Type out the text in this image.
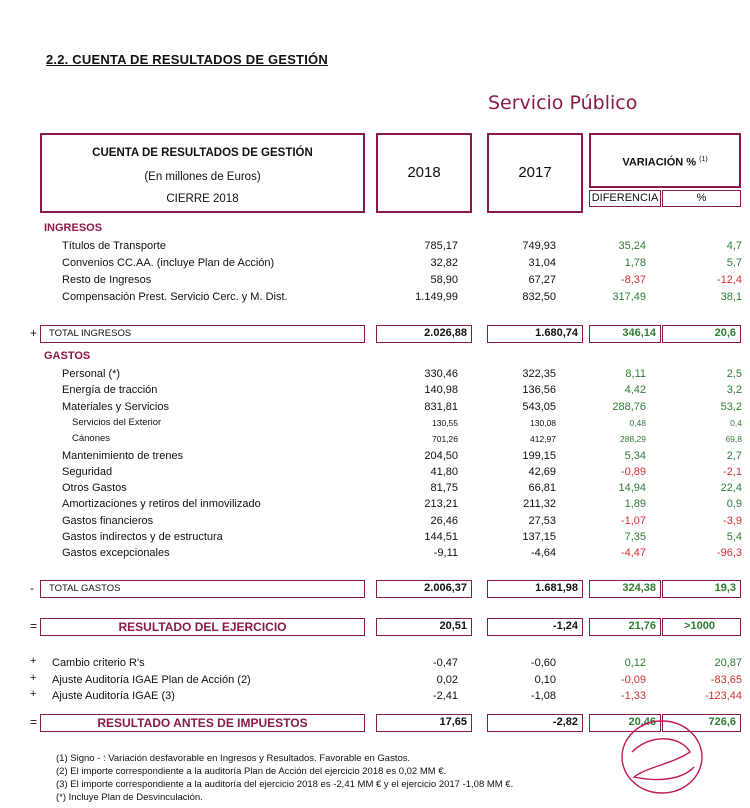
2.2. CUENTA DE RESULTADOS DE GESTIÓN
Servicio Público
CUENTA DE RESULTADOS DE GESTIÓN
(En millones de Euros)
CIERRE 2018
2018	2017
VARIACIÓN % $^{(1)}$
DIFERENCIA	%
INGRESOS
Títulos de Transporte	785,17	749,93	35,24	4,7
Convenios CC.AA. (incluye Plan de Acción)	32,82	31,04	1,78	5,7
Resto de Ingresos	58,90	67,27	-8,37	-12,4
Compensación Prest. Servicio Cerc. y M. Dist.	1.149,99	832,50	317,49	38,1
+	TOTAL INGRESOS	2.026,88	1.680,74	346,14	20,6
GASTOS
Personal (*)	330,46	322,35	8,11	2,5
Energía de tracción	140,98	136,56	4,42	3,2
Materiales y Servicios	831,81	543,05	288,76	53,2
Servicios del Exterior	130,55	130,08	0,48	0,4
Cánones	701,26	412,97	288,29	69,8
Mantenimiento de trenes	204,50	199,15	5,34	2,7
Seguridad	41,80	42,69	-0,89	-2,1
Otros Gastos	81,75	66,81	14,94	22,4
Amortizaciones y retiros del inmovilizado	213,21	211,32	1,89	0,9
Gastos financieros	26,46	27,53	-1,07	-3,9
Gastos indirectos y de estructura	144,51	137,15	7,35	5,4
Gastos excepcionales	-9,11	-4,64	-4,47	-96,3
-	TOTAL GASTOS	2.006,37	1.681,98	324,38	19,3
=	RESULTADO DEL EJERCICIO	20,51	-1,24	21,76	>1000
+ Cambio criterio R's	-0,47	-0,60	0,12	20,87
+ Ajuste Auditoría IGAE Plan de Acción (2)	0,02	0,10	-0,09	-83,65
+ Ajuste Auditoría IGAE (3)	-2,41	-1,08	-1,33	-123,44
=	RESULTADO ANTES DE IMPUESTOS	17,65	-2,82	20,46	726,6
(1) Signo - : Variación desfavorable en Ingresos y Resultados. Favorable en Gastos.
(2) El importe correspondiente a la auditoría Plan de Acción del ejercicio 2018 es 0,02 MM €.
(3) El importe correspondiente a la auditoría del ejercicio 2018 es -2,41 MM € y el ejercicio 2017 -1,08 MM €.
(*) Incluye Plan de Desvinculación.
